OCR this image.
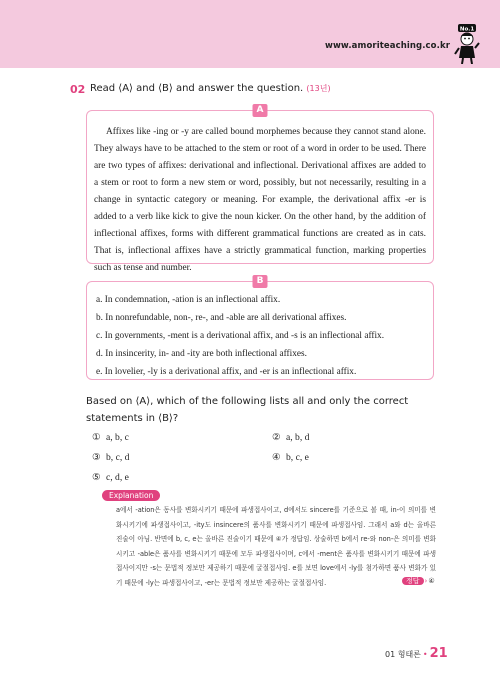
www.amoriteaching.co.kr
No.1
02 Read ⟨A⟩ and ⟨B⟩ and answer the question. (13년)
A

Affixes like -ing or -y are called bound morphemes because they cannot stand alone. They always have to be attached to the stem or root of a word in order to be used. There are two types of affixes: derivational and inflectional. Derivational affixes are added to a stem or root to form a new stem or word, possibly, but not necessarily, resulting in a change in syntactic category or meaning. For example, the derivational affix -er is added to a verb like kick to give the noun kicker. On the other hand, by the addition of inflectional affixes, forms with different grammatical functions are created as in cats. That is, inflectional affixes have a strictly grammatical function, marking properties such as tense and number.

B
a. In condemnation, -ation is an inflectional affix.
b. In nonrefundable, non-, re-, and -able are all derivational affixes.
c. In governments, -ment is a derivational affix, and -s is an inflectional affix.
d. In insincerity, in- and -ity are both inflectional affixes.
e. In lovelier, -ly is a derivational affix, and -er is an inflectional affix.

Based on ⟨A⟩, which of the following lists all and only the correct statements in ⟨B⟩?

① a, b, c	② a, b, d
③ b, c, d	④ b, c, e
⑤ c, d, e
Explanation

a에서 -ation은 동사를 변화시키기 때문에 파생접사이고, d에서도 sincere를 기준으로 볼 때, in-이 의미를 변화시키기에 파생접사이고, -ity도 insincere의 품사를 변화시키기 때문에 파생접사임. 그래서 a와 d는 올바른 진술이 아님. 반면에 b, c, e는 올바른 진술이기 때문에 ④가 정답임. 상술하면 b에서 re-와 non-은 의미를 변화시키고 -able은 품사를 변화시키기 때문에 모두 파생접사이며, c에서 -ment은 품사를 변화시키기 때문에 파생접사이지만 -s는 문법적 정보만 제공하기 때문에 굴절접사임. e를 보면 love에서 -ly를 첨가하면 품사 변화가 있기 때문에 -ly는 파생접사이고, -er는 문법적 정보만 제공하는 굴절접사임.	정답 ›④
01 형태론 • 21
